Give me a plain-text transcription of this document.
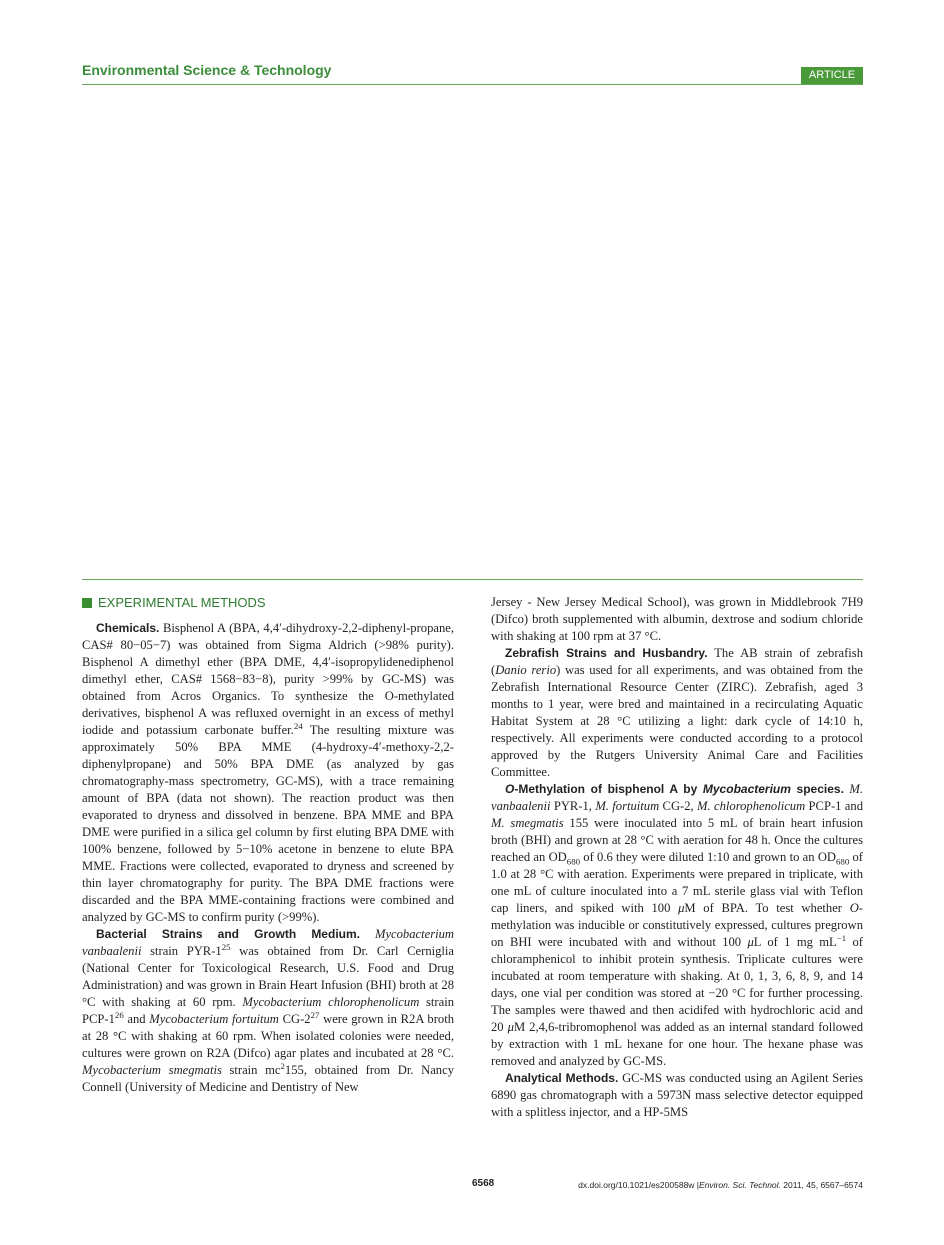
Environmental Science & Technology	ARTICLE
EXPERIMENTAL METHODS

Chemicals. Bisphenol A (BPA, 4,4′-dihydroxy-2,2-diphenyl-propane, CAS# 80−05−7) was obtained from Sigma Aldrich (>98% purity). Bisphenol A dimethyl ether (BPA DME, 4,4′-isopropylidenediphenol dimethyl ether, CAS# 1568−83−8), purity >99% by GC-MS) was obtained from Acros Organics. To synthesize the O-methylated derivatives, bisphenol A was refluxed overnight in an excess of methyl iodide and potassium carbonate buffer.$^{24}$ The resulting mixture was approximately 50% BPA MME (4-hydroxy-4′-methoxy-2,2-diphenylpropane) and 50% BPA DME (as analyzed by gas chromatography-mass spectrometry, GC-MS), with a trace remaining amount of BPA (data not shown). The reaction product was then evaporated to dryness and dissolved in benzene. BPA MME and BPA DME were purified in a silica gel column by first eluting BPA DME with 100% benzene, followed by 5−10% acetone in benzene to elute BPA MME. Fractions were collected, evaporated to dryness and screened by thin layer chromatography for purity. The BPA DME fractions were discarded and the BPA MME-containing fractions were combined and analyzed by GC-MS to confirm purity (>99%).

Bacterial Strains and Growth Medium. Mycobacterium vanbaalenii strain PYR-$1^{25}$ was obtained from Dr. Carl Cerniglia (National Center for Toxicological Research, U.S. Food and Drug Administration) and was grown in Brain Heart Infusion (BHI) broth at 28 °C with shaking at 60 rpm. Mycobacterium chlorophenolicum strain PCP-$1^{26}$ and Mycobacterium fortuitum $CG-2^{27}$ were grown in R2A broth at 28 °C with shaking at 60 rpm. When isolated colonies were needed, cultures were grown on R2A (Difco) agar plates and incubated at 28 °C. Mycobacterium smegmatis strain $mc^2155$, obtained from Dr. Nancy Connell (University of Medicine and Dentistry of New

Jersey - New Jersey Medical School), was grown in Middlebrook 7H9 (Difco) broth supplemented with albumin, dextrose and sodium chloride with shaking at 100 rpm at 37 °C.

Zebrafish Strains and Husbandry. The AB strain of zebrafish (Danio rerio) was used for all experiments, and was obtained from the Zebrafish International Resource Center (ZIRC). Zebrafish, aged 3 months to 1 year, were bred and maintained in a recirculating Aquatic Habitat System at 28 °C utilizing a light: dark cycle of 14:10 h, respectively. All experiments were conducted according to a protocol approved by the Rutgers University Animal Care and Facilities Committee.

O-Methylation of bisphenol A by Mycobacterium species. M. vanbaalenii PYR-1, M. fortuitum CG-2, M. chlorophenolicum PCP-1 and M. smegmatis 155 were inoculated into 5 mL of brain heart infusion broth (BHI) and grown at 28 °C with aeration for 48 h. Once the cultures reached an $OD_{680}$ of 0.6 they were diluted 1:10 and grown to an $OD_{680}$ of 1.0 at 28 °C with aeration. Experiments were prepared in triplicate, with one mL of culture inoculated into a 7 mL sterile glass vial with Teflon cap liners, and spiked with 100 μM of BPA. To test whether O-methylation was inducible or constitutively expressed, cultures pregrown on BHI were incubated with and without 100 μL of 1 mg $mL^{-1}$ of chloramphenicol to inhibit protein synthesis. Triplicate cultures were incubated at room temperature with shaking. At 0, 1, 3, 6, 8, 9, and 14 days, one vial per condition was stored at −20 °C for further processing. The samples were thawed and then acidifed with hydrochloric acid and 20 μM 2,4,6-tribromophenol was added as an internal standard followed by extraction with 1 mL hexane for one hour. The hexane phase was removed and analyzed by GC-MS.

Analytical Methods. GC-MS was conducted using an Agilent Series 6890 gas chromatograph with a 5973N mass selective detector equipped with a splitless injector, and a HP-5MS

6568	dx.doi.org/10.1021/es200588w |Environ. Sci. Technol. 2011, 45, 6567–6574
